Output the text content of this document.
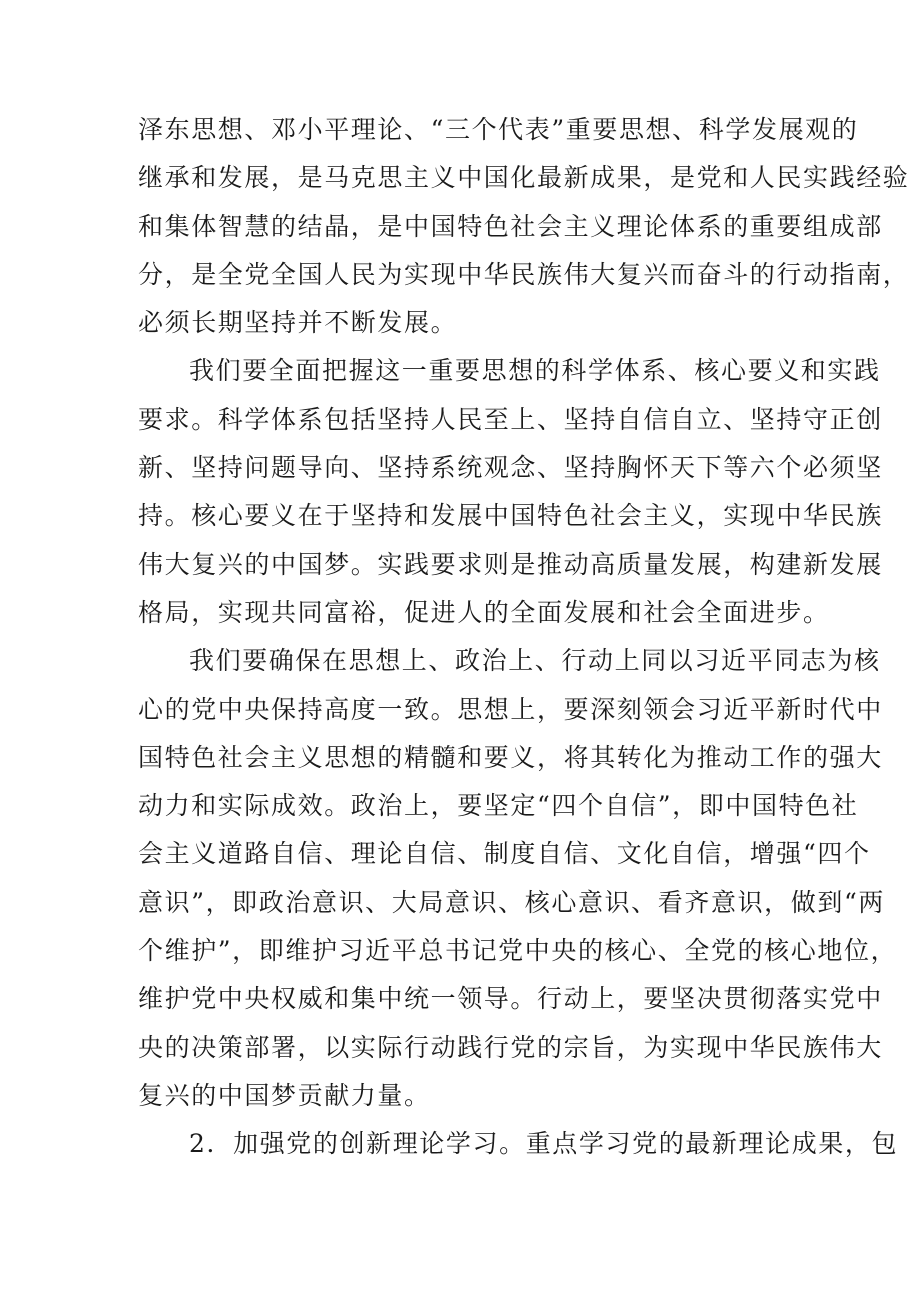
泽东思想、邓小平理论、“三个代表”重要思想、科学发展观的
继承和发展，是马克思主义中国化最新成果，是党和人民实践经验
和集体智慧的结晶，是中国特色社会主义理论体系的重要组成部
分，是全党全国人民为实现中华民族伟大复兴而奋斗的行动指南，
必须长期坚持并不断发展。
我们要全面把握这一重要思想的科学体系、核心要义和实践
要求。科学体系包括坚持人民至上、坚持自信自立、坚持守正创
新、坚持问题导向、坚持系统观念、坚持胸怀天下等六个必须坚
持。核心要义在于坚持和发展中国特色社会主义，实现中华民族
伟大复兴的中国梦。实践要求则是推动高质量发展，构建新发展
格局，实现共同富裕，促进人的全面发展和社会全面进步。
我们要确保在思想上、政治上、行动上同以习近平同志为核
心的党中央保持高度一致。思想上，要深刻领会习近平新时代中
国特色社会主义思想的精髓和要义，将其转化为推动工作的强大
动力和实际成效。政治上，要坚定“四个自信”，即中国特色社
会主义道路自信、理论自信、制度自信、文化自信，增强“四个
意识”，即政治意识、大局意识、核心意识、看齐意识，做到“两
个维护”，即维护习近平总书记党中央的核心、全党的核心地位，
维护党中央权威和集中统一领导。行动上，要坚决贯彻落实党中
央的决策部署，以实际行动践行党的宗旨，为实现中华民族伟大
复兴的中国梦贡献力量。
2．加强党的创新理论学习。重点学习党的最新理论成果，包
